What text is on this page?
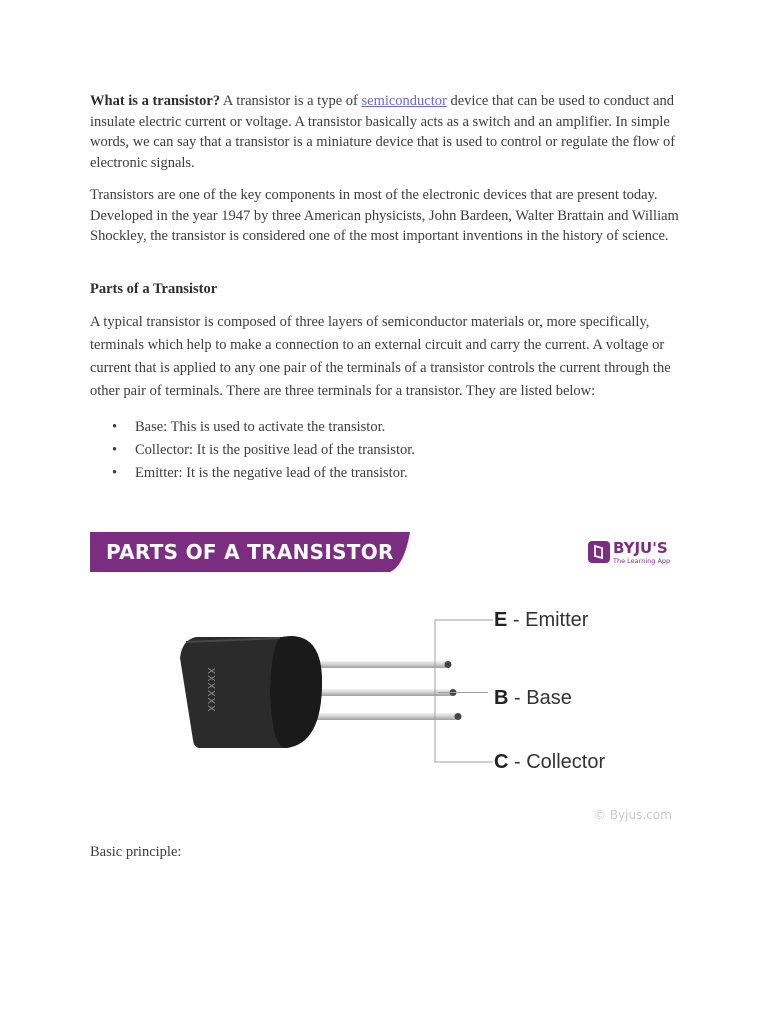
What is a transistor? A transistor is a type of semiconductor device that can be used to conduct and insulate electric current or voltage. A transistor basically acts as a switch and an amplifier. In simple words, we can say that a transistor is a miniature device that is used to control or regulate the flow of electronic signals.

Transistors are one of the key components in most of the electronic devices that are present today. Developed in the year 1947 by three American physicists, John Bardeen, Walter Brattain and William Shockley, the transistor is considered one of the most important inventions in the history of science.

Parts of a Transistor

A typical transistor is composed of three layers of semiconductor materials or, more specifically, terminals which help to make a connection to an external circuit and carry the current. A voltage or current that is applied to any one pair of the terminals of a transistor controls the current through the other pair of terminals. There are three terminals for a transistor. They are listed below:

• Base: This is used to activate the transistor.
• Collector: It is the positive lead of the transistor.
• Emitter: It is the negative lead of the transistor.
PARTS OF A TRANSISTOR	BYJU'S
The Learning App
XXXXXX
E - Emitter
B - Base
C - Collector
© Byjus.com

Basic principle:
